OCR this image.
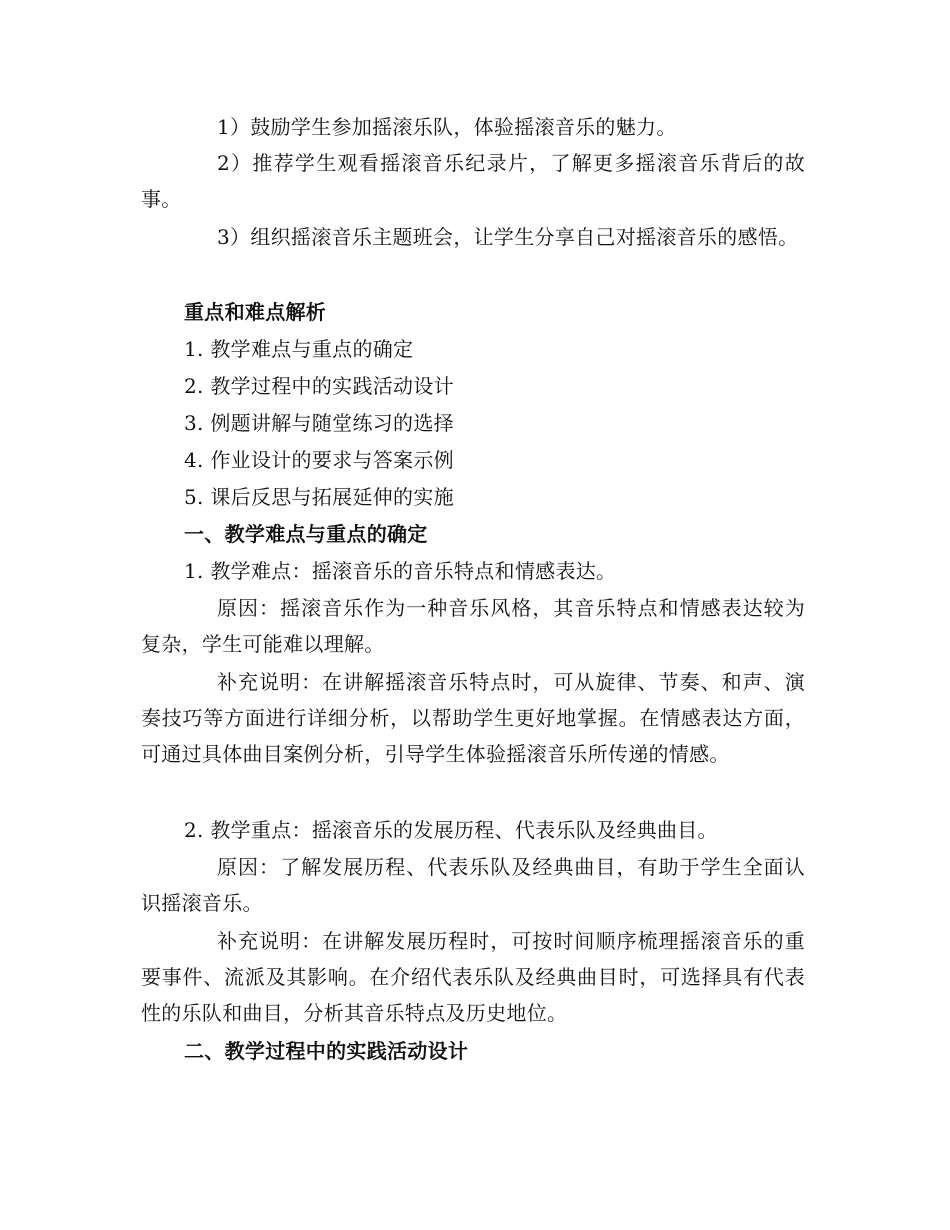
1）鼓励学生参加摇滚乐队，体验摇滚音乐的魅力。

2）推荐学生观看摇滚音乐纪录片，了解更多摇滚音乐背后的故事。

3）组织摇滚音乐主题班会，让学生分享自己对摇滚音乐的感悟。

重点和难点解析

1. 教学难点与重点的确定

2. 教学过程中的实践活动设计

3. 例题讲解与随堂练习的选择

4. 作业设计的要求与答案示例

5. 课后反思与拓展延伸的实施

一、教学难点与重点的确定

1. 教学难点：摇滚音乐的音乐特点和情感表达。

原因：摇滚音乐作为一种音乐风格，其音乐特点和情感表达较为复杂，学生可能难以理解。

补充说明：在讲解摇滚音乐特点时，可从旋律、节奏、和声、演奏技巧等方面进行详细分析，以帮助学生更好地掌握。在情感表达方面，可通过具体曲目案例分析，引导学生体验摇滚音乐所传递的情感。

2. 教学重点：摇滚音乐的发展历程、代表乐队及经典曲目。

原因：了解发展历程、代表乐队及经典曲目，有助于学生全面认识摇滚音乐。

补充说明：在讲解发展历程时，可按时间顺序梳理摇滚音乐的重要事件、流派及其影响。在介绍代表乐队及经典曲目时，可选择具有代表性的乐队和曲目，分析其音乐特点及历史地位。

二、教学过程中的实践活动设计
